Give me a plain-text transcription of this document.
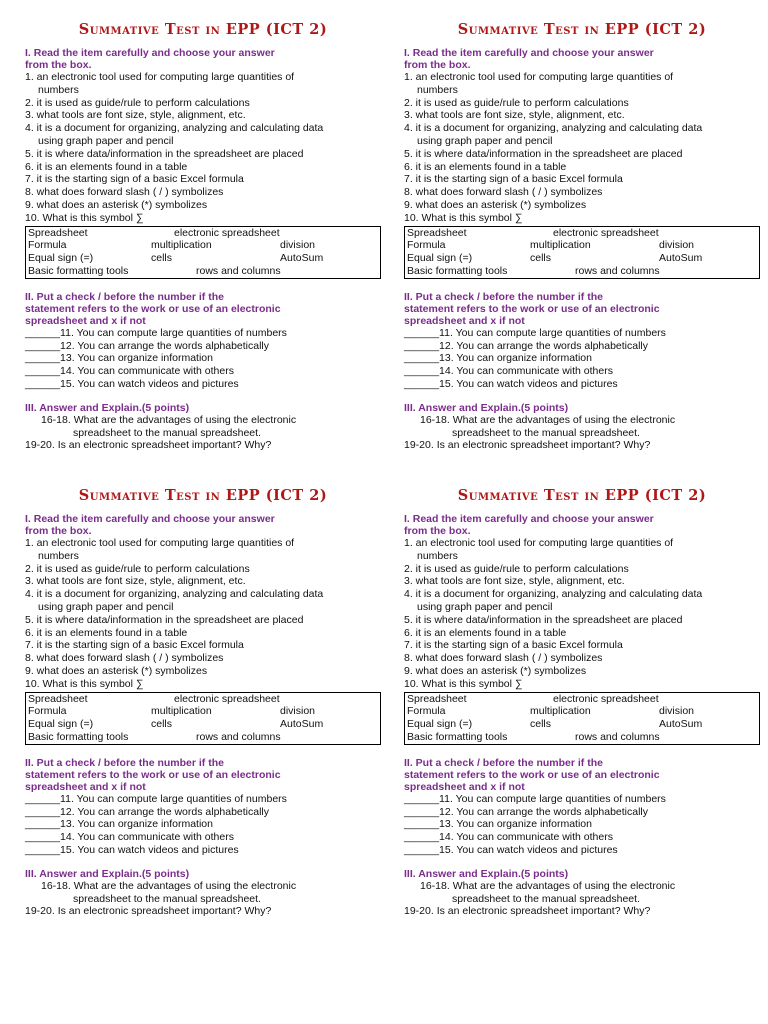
Summative Test in EPP (ICT 2)
I. Read the item carefully and choose your answer
from the box.
1. an electronic tool used for computing large quantities of
numbers
2. it is used as guide/rule to perform calculations
3. what tools are font size, style, alignment, etc.
4. it is a document for organizing, analyzing and calculating data
using graph paper and pencil
5. it is where data/information in the spreadsheet are placed
6. it is an elements found in a table
7. it is the starting sign of a basic Excel formula
8. what does forward slash ( / ) symbolizes
9. what does an asterisk (*) symbolizes
10. What is this symbol ∑
Spreadsheet	electronic spreadsheet
Formula	multiplication	division
Equal sign (=)	cells	AutoSum
Basic formatting tools	rows and columns
II. Put a check / before the number if the
statement refers to the work or use of an electronic
spreadsheet and x if not
______11. You can compute large quantities of numbers
______12. You can arrange the words alphabetically
______13. You can organize information
______14. You can communicate with others
______15. You can watch videos and pictures
III. Answer and Explain.(5 points)
16-18. What are the advantages of using the electronic
spreadsheet to the manual spreadsheet.
19-20. Is an electronic spreadsheet important? Why?
Summative Test in EPP (ICT 2)
I. Read the item carefully and choose your answer
from the box.
1. an electronic tool used for computing large quantities of
numbers
2. it is used as guide/rule to perform calculations
3. what tools are font size, style, alignment, etc.
4. it is a document for organizing, analyzing and calculating data
using graph paper and pencil
5. it is where data/information in the spreadsheet are placed
6. it is an elements found in a table
7. it is the starting sign of a basic Excel formula
8. what does forward slash ( / ) symbolizes
9. what does an asterisk (*) symbolizes
10. What is this symbol ∑
Spreadsheet	electronic spreadsheet
Formula	multiplication	division
Equal sign (=)	cells	AutoSum
Basic formatting tools	rows and columns
II. Put a check / before the number if the
statement refers to the work or use of an electronic
spreadsheet and x if not
______11. You can compute large quantities of numbers
______12. You can arrange the words alphabetically
______13. You can organize information
______14. You can communicate with others
______15. You can watch videos and pictures
III. Answer and Explain.(5 points)
16-18. What are the advantages of using the electronic
spreadsheet to the manual spreadsheet.
19-20. Is an electronic spreadsheet important? Why?
Summative Test in EPP (ICT 2)
I. Read the item carefully and choose your answer
from the box.
1. an electronic tool used for computing large quantities of
numbers
2. it is used as guide/rule to perform calculations
3. what tools are font size, style, alignment, etc.
4. it is a document for organizing, analyzing and calculating data
using graph paper and pencil
5. it is where data/information in the spreadsheet are placed
6. it is an elements found in a table
7. it is the starting sign of a basic Excel formula
8. what does forward slash ( / ) symbolizes
9. what does an asterisk (*) symbolizes
10. What is this symbol ∑
Spreadsheet	electronic spreadsheet
Formula	multiplication	division
Equal sign (=)	cells	AutoSum
Basic formatting tools	rows and columns
II. Put a check / before the number if the
statement refers to the work or use of an electronic
spreadsheet and x if not
______11. You can compute large quantities of numbers
______12. You can arrange the words alphabetically
______13. You can organize information
______14. You can communicate with others
______15. You can watch videos and pictures
III. Answer and Explain.(5 points)
16-18. What are the advantages of using the electronic
spreadsheet to the manual spreadsheet.
19-20. Is an electronic spreadsheet important? Why?
Summative Test in EPP (ICT 2)
I. Read the item carefully and choose your answer
from the box.
1. an electronic tool used for computing large quantities of
numbers
2. it is used as guide/rule to perform calculations
3. what tools are font size, style, alignment, etc.
4. it is a document for organizing, analyzing and calculating data
using graph paper and pencil
5. it is where data/information in the spreadsheet are placed
6. it is an elements found in a table
7. it is the starting sign of a basic Excel formula
8. what does forward slash ( / ) symbolizes
9. what does an asterisk (*) symbolizes
10. What is this symbol ∑
Spreadsheet	electronic spreadsheet
Formula	multiplication	division
Equal sign (=)	cells	AutoSum
Basic formatting tools	rows and columns
II. Put a check / before the number if the
statement refers to the work or use of an electronic
spreadsheet and x if not
______11. You can compute large quantities of numbers
______12. You can arrange the words alphabetically
______13. You can organize information
______14. You can communicate with others
______15. You can watch videos and pictures
III. Answer and Explain.(5 points)
16-18. What are the advantages of using the electronic
spreadsheet to the manual spreadsheet.
19-20. Is an electronic spreadsheet important? Why?
